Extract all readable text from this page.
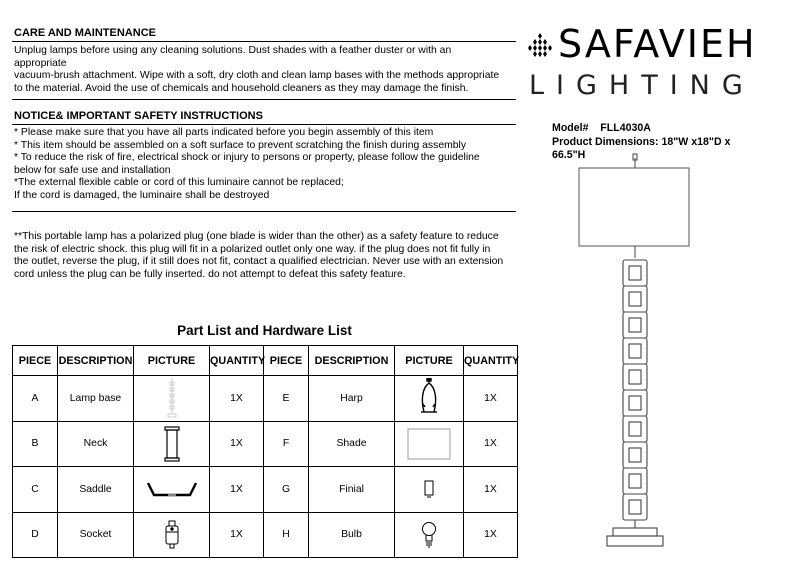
CARE AND MAINTENANCE
Unplug lamps before using any cleaning solutions. Dust shades with a feather duster or with an
appropriate
vacuum-brush attachment. Wipe with a soft, dry cloth and clean lamp bases with the methods appropriate
to the material. Avoid the use of chemicals and household cleaners as they may damage the finish.
NOTICE& IMPORTANT SAFETY INSTRUCTIONS
* Please make sure that you have all parts indicated before you begin assembly of this item
* This item should be assembled on a soft surface to prevent scratching the finish during assembly
* To reduce the risk of fire, electrical shock or injury to persons or property, please follow the guideline
below for safe use and installation
*The external flexible cable or cord of this luminaire cannot be replaced;
If the cord is damaged, the luminaire shall be destroyed
**This portable lamp has a polarized plug (one blade is wider than the other) as a safety feature to reduce
the risk of electric shock. this plug will fit in a polarized outlet only one way. if the plug does not fit fully in
the outlet, reverse the plug, if it still does not fit, contact a qualified electrician. Never use with an extension
cord unless the plug can be fully inserted. do not attempt to defeat this safety feature.
SAFAVIEH
LIGHTING
Model# FLL4030A
Product Dimensions: 18"W x18"D x
66.5"H
Part List and Hardware List
PIECE	DESCRIPTION	PICTURE	QUANTITY	PIECE	DESCRIPTION	PICTURE	QUANTITY
A	Lamp base		1X	E	Harp		1X
B	Neck		1X	F	Shade		1X
C	Saddle		1X	G	Finial		1X
D	Socket		1X	H	Bulb		1X
